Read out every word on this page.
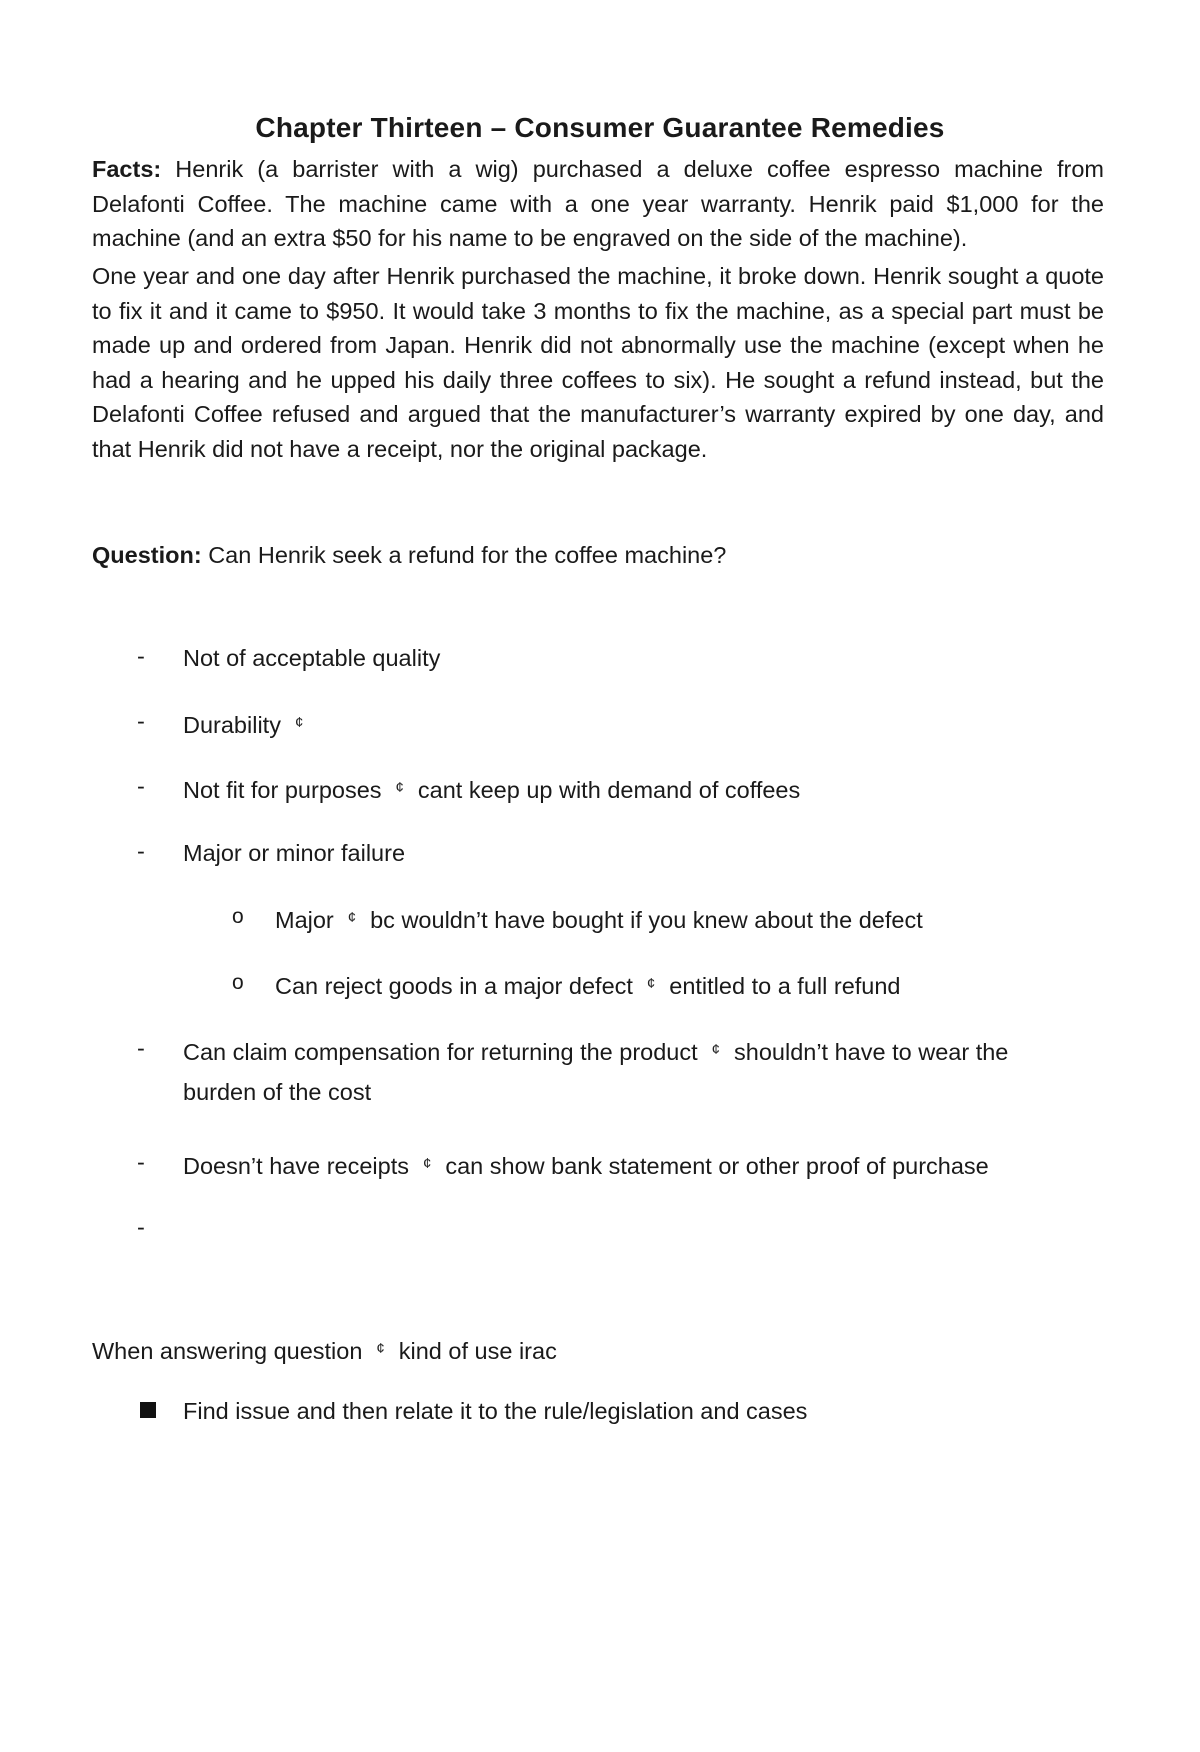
Chapter Thirteen – Consumer Guarantee Remedies

Facts: Henrik (a barrister with a wig) purchased a deluxe coffee espresso machine from Delafonti Coffee. The machine came with a one year warranty. Henrik paid $1,000 for the machine (and an extra $50 for his name to be engraved on the side of the machine).

One year and one day after Henrik purchased the machine, it broke down. Henrik sought a quote to fix it and it came to $950. It would take 3 months to fix the machine, as a special part must be made up and ordered from Japan. Henrik did not abnormally use the machine (except when he had a hearing and he upped his daily three coffees to six). He sought a refund instead, but the Delafonti Coffee refused and argued that the manufacturer’s warranty expired by one day, and that Henrik did not have a receipt, nor the original package.

Question: Can Henrik seek a refund for the coffee machine?

-	Not of acceptable quality
-	Durability ¢
-	Not fit for purposes ¢ cant keep up with demand of coffees
-	Major or minor failure
o Major ¢ bc wouldn’t have bought if you knew about the defect
o Can reject goods in a major defect ¢ entitled to a full refund
-	Can claim compensation for returning the product ¢ shouldn’t have to wear the
burden of the cost
-	Doesn’t have receipts ¢ can show bank statement or other proof of purchase
-
When answering question ¢ kind of use irac
Find issue and then relate it to the rule/legislation and cases
